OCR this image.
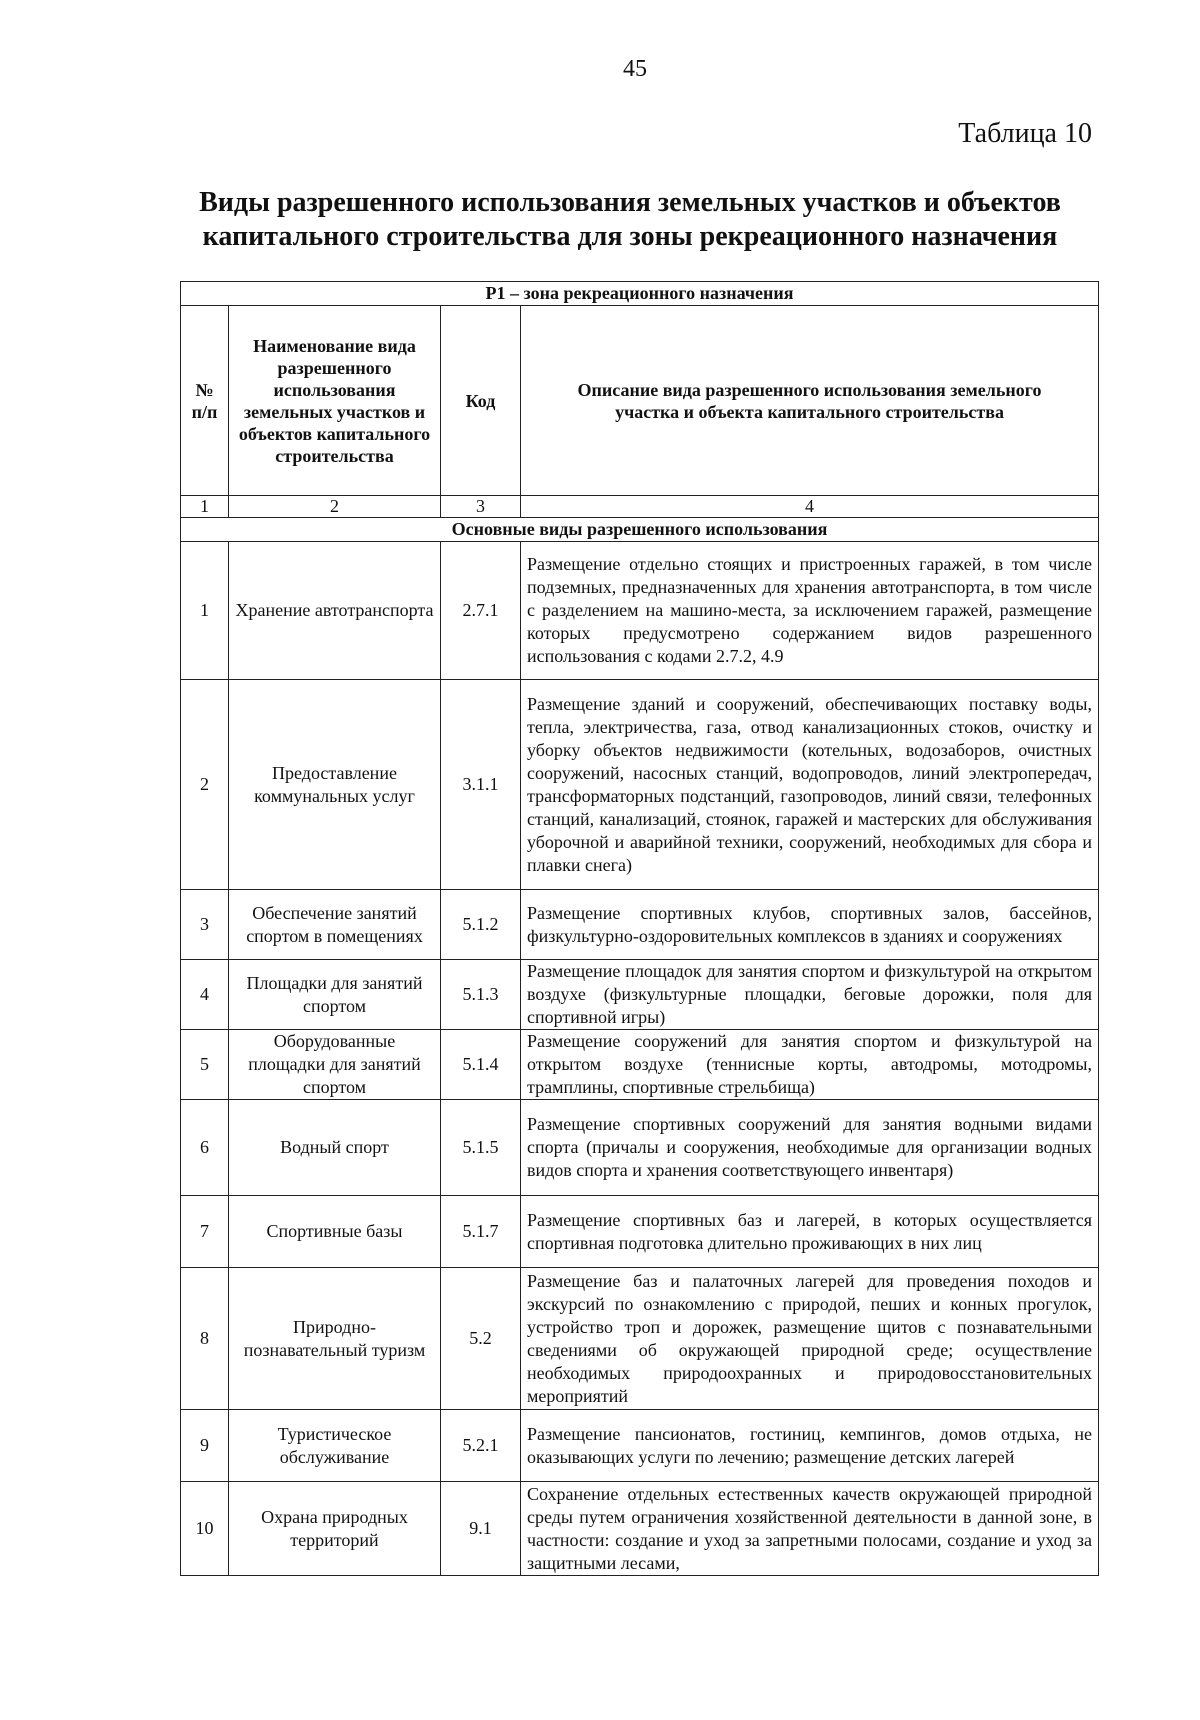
45
Таблица 10
Виды разрешенного использования земельных участков и объектов капитального строительства для зоны рекреационного назначения
Р1 – зона рекреационного назначения			
№ п/п	Наименование вида разрешенного использования земельных участков и объектов капитального строительства	Код	Описание вида разрешенного использования земельного участка и объекта капитального строительства
1	2	3	4
Основные виды разрешенного использования			
1	Хранение автотранспорта	2.7.1	Размещение отдельно стоящих и пристроенных гаражей, в том числе подземных, предназначенных для хранения автотранспорта, в том числе с разделением на машино-места, за исключением гаражей, размещение которых предусмотрено содержанием видов разрешенного использования с кодами 2.7.2, 4.9
2	Предоставление коммунальных услуг	3.1.1	Размещение зданий и сооружений, обеспечивающих поставку воды, тепла, электричества, газа, отвод канализационных стоков, очистку и уборку объектов недвижимости (котельных, водозаборов, очистных сооружений, насосных станций, водопроводов, линий электропередач, трансформаторных подстанций, газопроводов, линий связи, телефонных станций, канализаций, стоянок, гаражей и мастерских для обслуживания уборочной и аварийной техники, сооружений, необходимых для сбора и плавки снега)
3	Обеспечение занятий спортом в помещениях	5.1.2	Размещение спортивных клубов, спортивных залов, бассейнов, физкультурно-оздоровительных комплексов в зданиях и сооружениях
4	Площадки для занятий спортом	5.1.3	Размещение площадок для занятия спортом и физкультурой на открытом воздухе (физкультурные площадки, беговые дорожки, поля для спортивной игры)
5	Оборудованные площадки для занятий спортом	5.1.4	Размещение сооружений для занятия спортом и физкультурой на открытом воздухе (теннисные корты, автодромы, мотодромы, трамплины, спортивные стрельбища)
6	Водный спорт	5.1.5	Размещение спортивных сооружений для занятия водными видами спорта (причалы и сооружения, необходимые для организации водных видов спорта и хранения соответствующего инвентаря)
7	Спортивные базы	5.1.7	Размещение спортивных баз и лагерей, в которых осуществляется спортивная подготовка длительно проживающих в них лиц
8	Природно-познавательный туризм	5.2	Размещение баз и палаточных лагерей для проведения походов и экскурсий по ознакомлению с природой, пеших и конных прогулок, устройство троп и дорожек, размещение щитов с познавательными сведениями об окружающей природной среде; осуществление необходимых природоохранных и природовосстановительных мероприятий
9	Туристическое обслуживание	5.2.1	Размещение пансионатов, гостиниц, кемпингов, домов отдыха, не оказывающих услуги по лечению; размещение детских лагерей
10	Охрана природных территорий	9.1	Сохранение отдельных естественных качеств окружающей природной среды путем ограничения хозяйственной деятельности в данной зоне, в частности: создание и уход за запретными полосами, создание и уход за защитными лесами,
